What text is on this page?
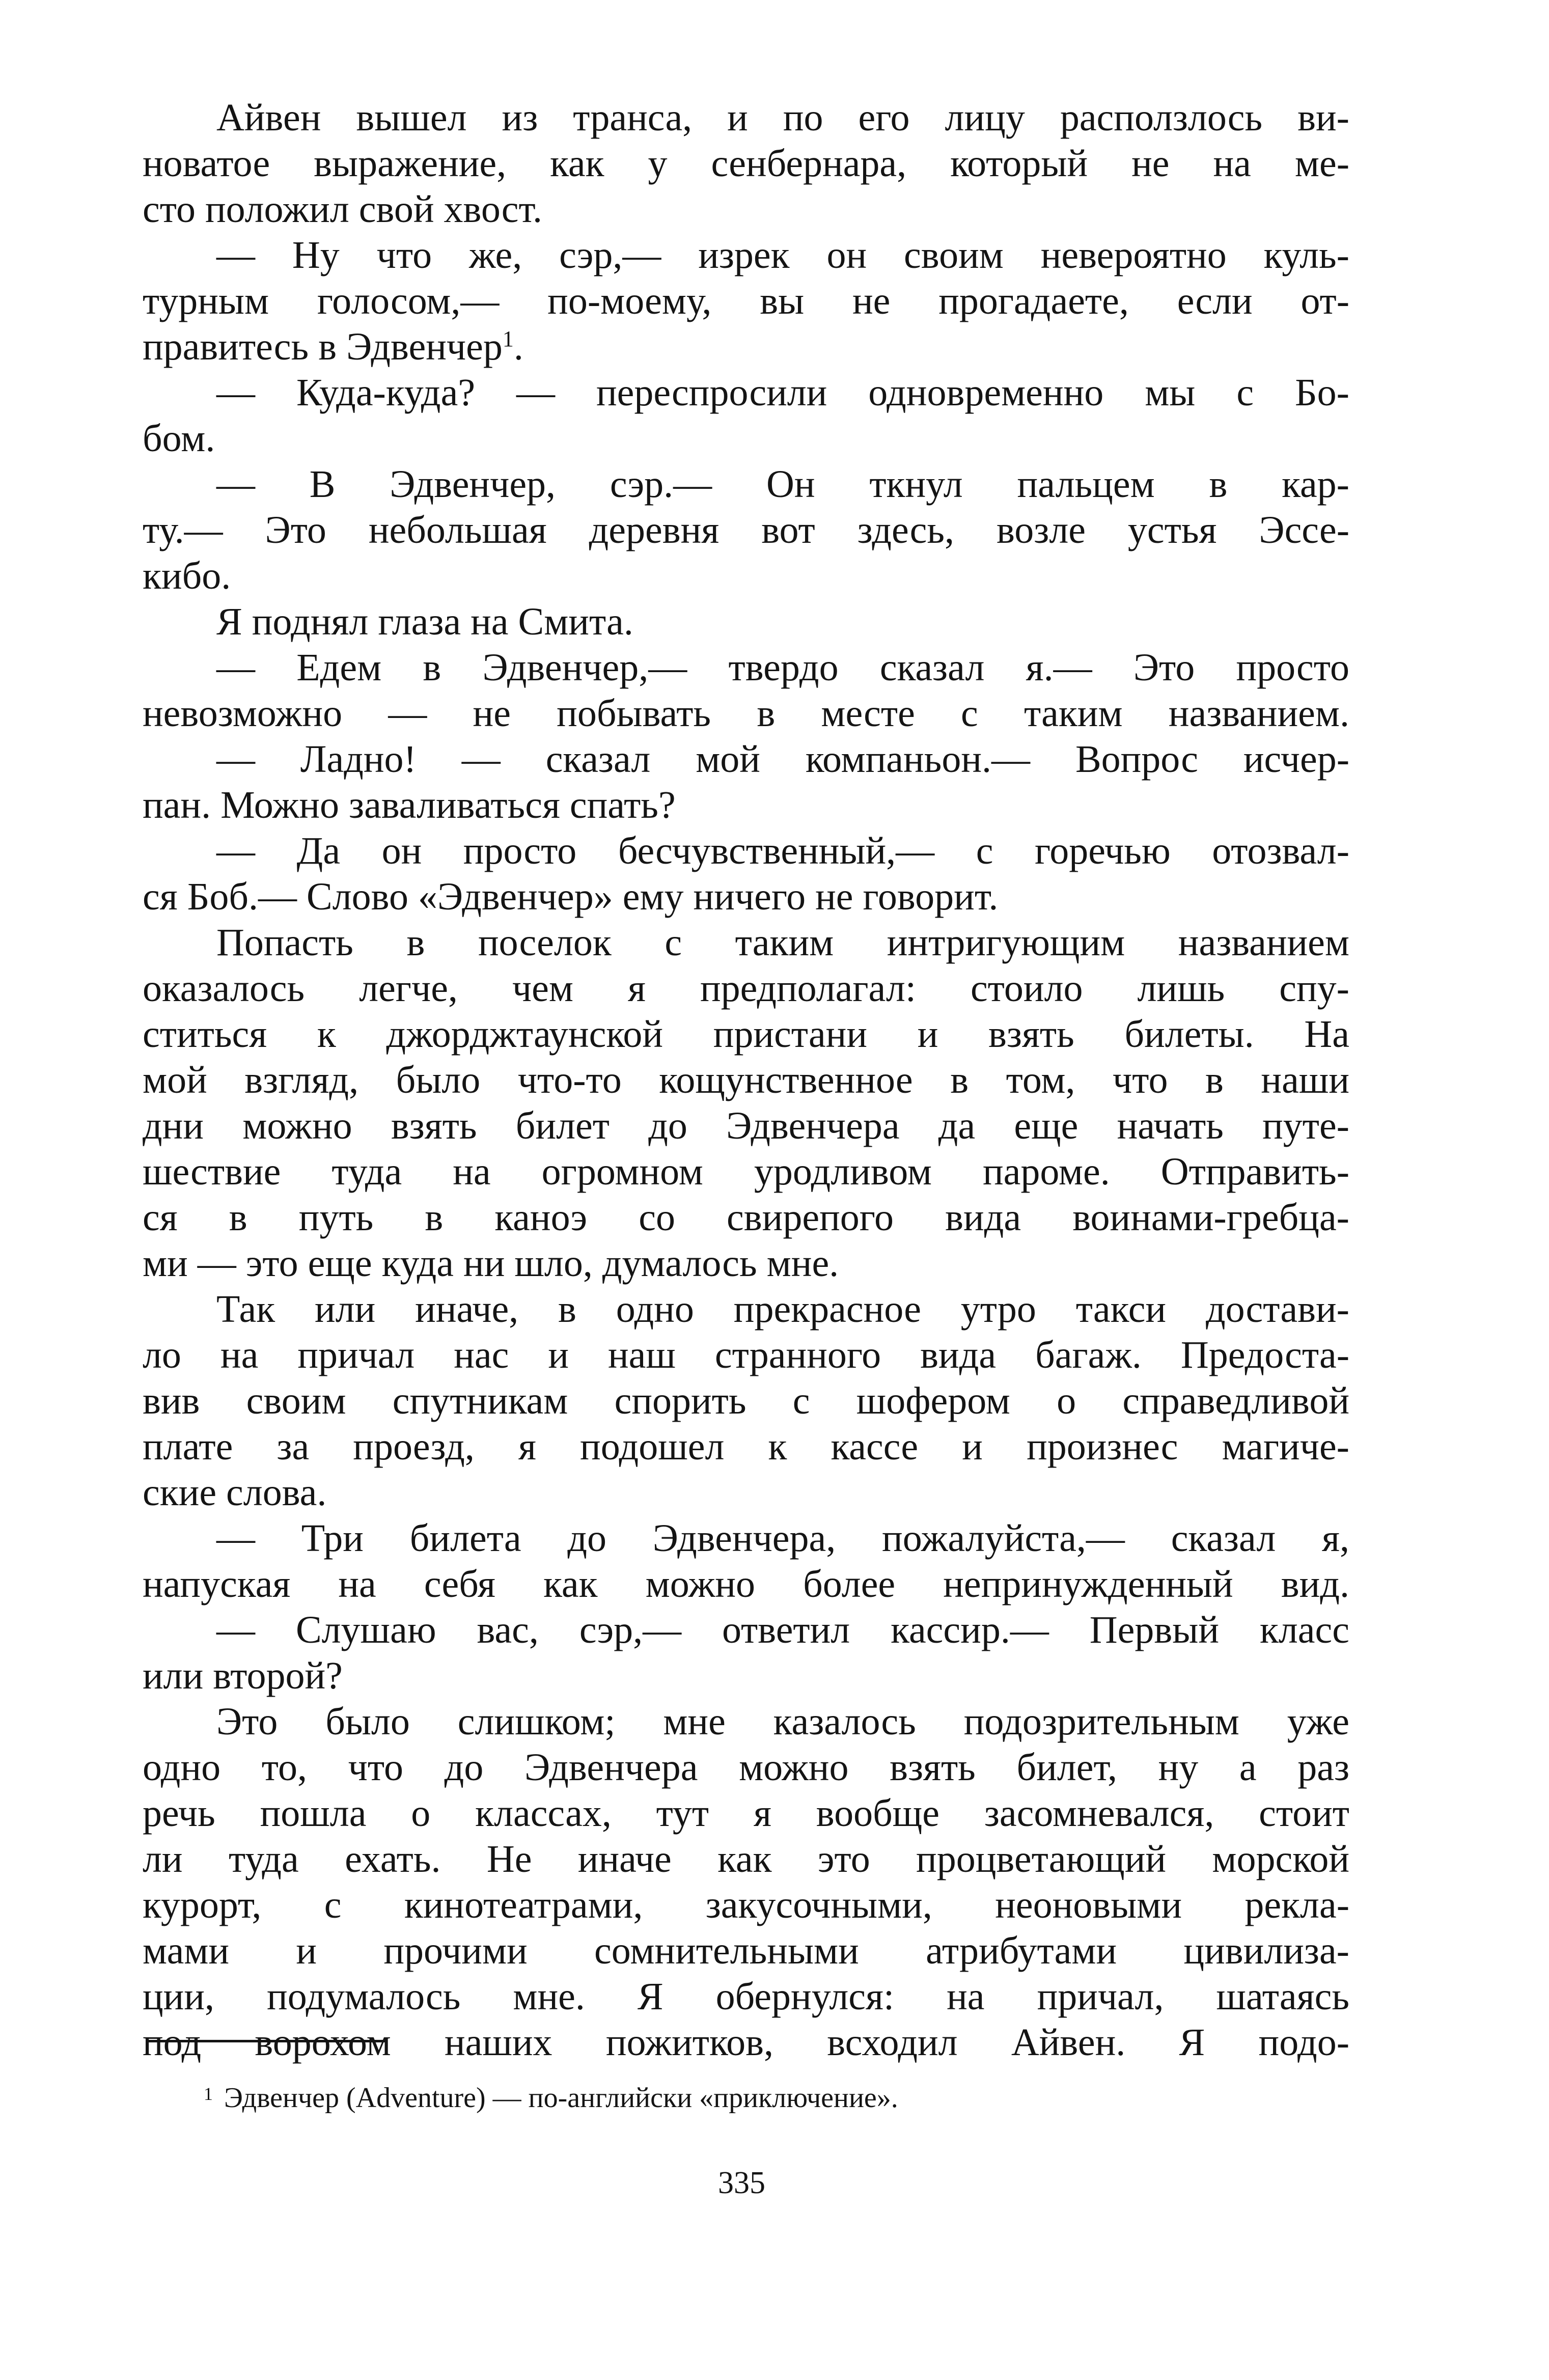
Айвен вышел из транса, и по его лицу расползлось ви-
новатое выражение, как у сенбернара, который не на ме-
сто положил свой хвост.
— Ну что же, сэр,— изрек он своим невероятно куль-
турным голосом,— по-моему, вы не прогадаете, если от-
правитесь в Эдвенчер$^1$.
— Куда-куда? — переспросили одновременно мы с Бо-
бом.
— В Эдвенчер, сэр.— Он ткнул пальцем в кар-
ту.— Это небольшая деревня вот здесь, возле устья Эссе-
кибо.
Я поднял глаза на Смита.
— Едем в Эдвенчер,— твердо сказал я.— Это просто
невозможно — не побывать в месте с таким названием.
— Ладно! — сказал мой компаньон.— Вопрос исчер-
пан. Можно заваливаться спать?
— Да он просто бесчувственный,— с горечью отозвал-
ся Боб.— Слово «Эдвенчер» ему ничего не говорит.
Попасть в поселок с таким интригующим названием
оказалось легче, чем я предполагал: стоило лишь спу-
ститься к джорджтаунской пристани и взять билеты. На
мой взгляд, было что-то кощунственное в том, что в наши
дни можно взять билет до Эдвенчера да еще начать путе-
шествие туда на огромном уродливом пароме. Отправить-
ся в путь в каноэ со свирепого вида воинами-гребца-
ми — это еще куда ни шло, думалось мне.
Так или иначе, в одно прекрасное утро такси достави-
ло на причал нас и наш странного вида багаж. Предоста-
вив своим спутникам спорить с шофером о справедливой
плате за проезд, я подошел к кассе и произнес магиче-
ские слова.
— Три билета до Эдвенчера, пожалуйста,— сказал я,
напуская на себя как можно более непринужденный вид.
— Слушаю вас, сэр,— ответил кассир.— Первый класс
или второй?
Это было слишком; мне казалось подозрительным уже
одно то, что до Эдвенчера можно взять билет, ну а раз
речь пошла о классах, тут я вообще засомневался, стоит
ли туда ехать. Не иначе как это процветающий морской
курорт, с кинотеатрами, закусочными, неоновыми рекла-
мами и прочими сомнительными атрибутами цивилиза-
ции, подумалось мне. Я обернулся: на причал, шатаясь
под ворохом наших пожитков, всходил Айвен. Я подо-
$^1$ Эдвенчер (Adventure) — по-английски «приключение».
335
